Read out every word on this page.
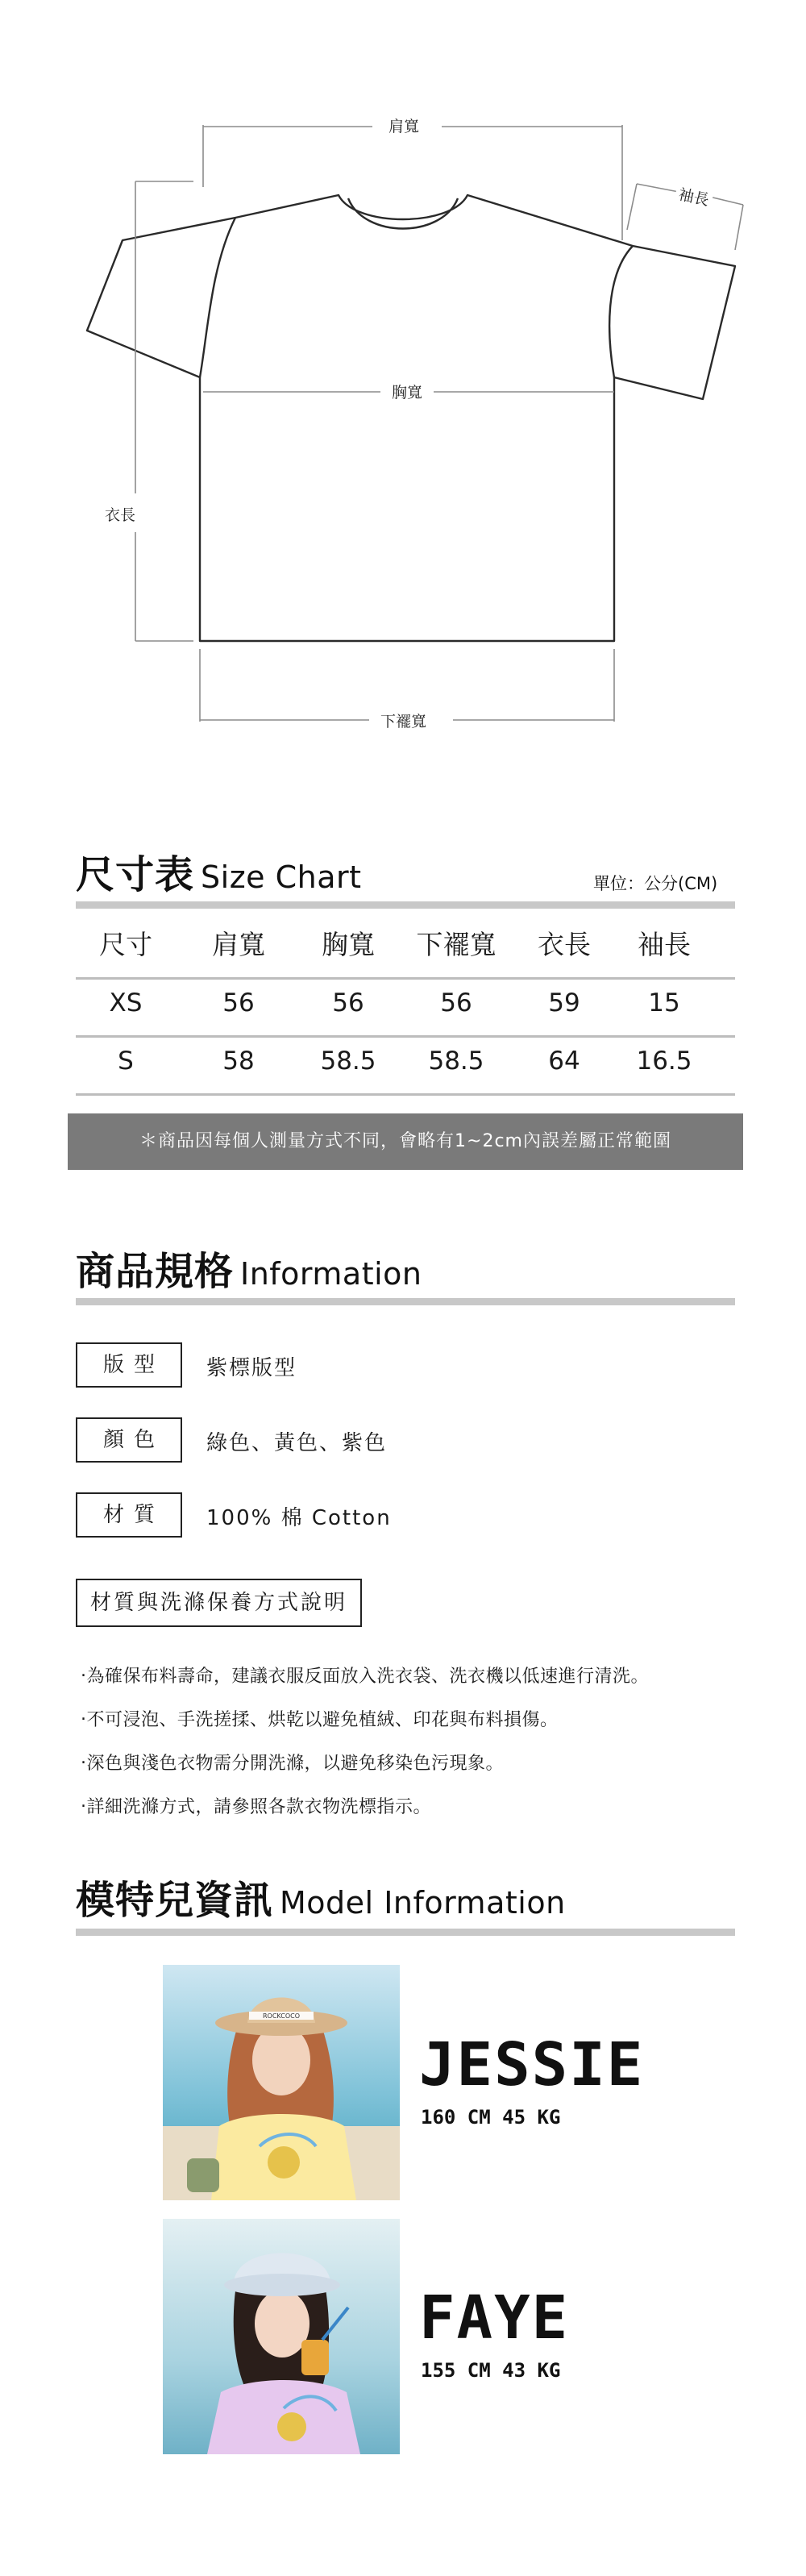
肩寬
袖長
胸寬
衣長
下襬寬
尺寸表 Size Chart	單位：公分(CM)
尺寸	肩寬	胸寬	下襬寬	衣長	袖長
XS	56	56	56	59	15
S	58	58.5	58.5	64	16.5
＊商品因每個人測量方式不同，會略有1~2cm內誤差屬正常範圍
商品規格 Information
版型	紫標版型
顏色	綠色、黃色、紫色
材質	100% 棉 Cotton
材質與洗滌保養方式說明
‧為確保布料壽命，建議衣服反面放入洗衣袋、洗衣機以低速進行清洗。
‧不可浸泡、手洗搓揉、烘乾以避免植絨、印花與布料損傷。
‧深色與淺色衣物需分開洗滌，以避免移染色污現象。
‧詳細洗滌方式，請參照各款衣物洗標指示。
模特兒資訊 Model Information
ROCKCOCO
JESSIE
160 CM 45 KG
FAYE
155 CM 43 KG
